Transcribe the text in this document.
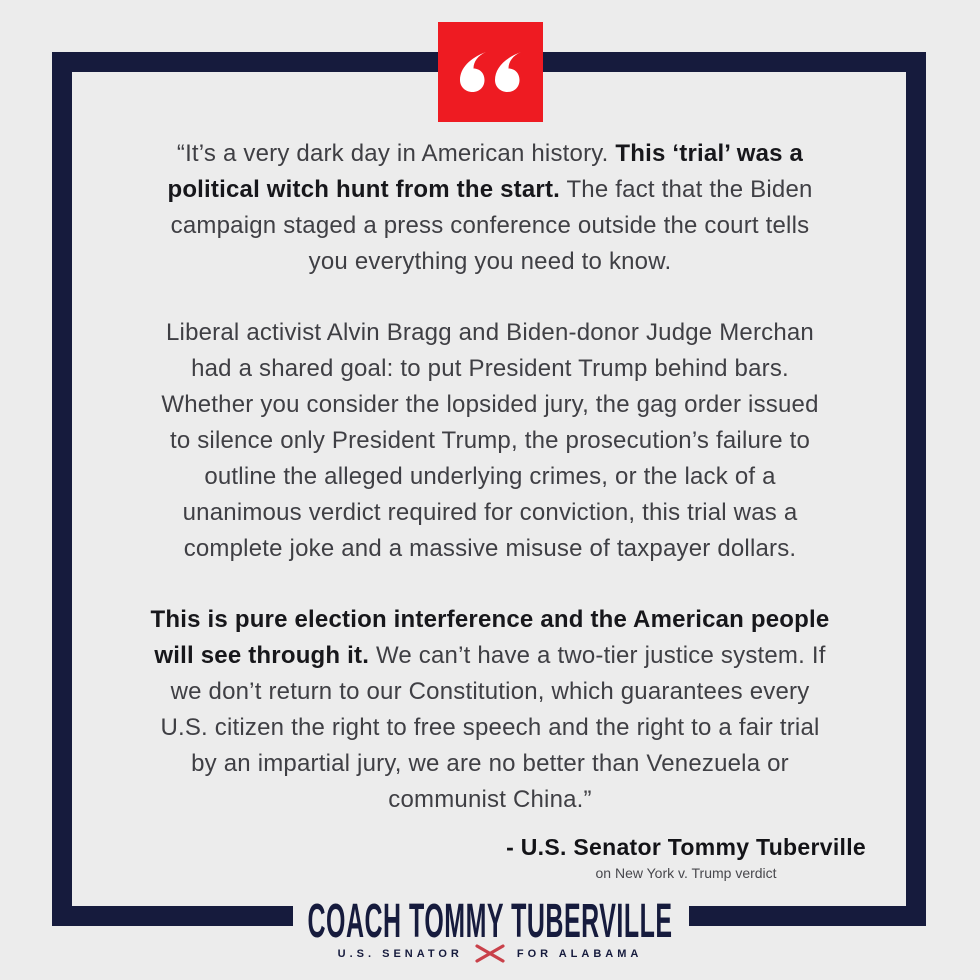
“It’s a very dark day in American history. This ‘trial’ was a
political witch hunt from the start. The fact that the Biden
campaign staged a press conference outside the court tells
you everything you need to know.

Liberal activist Alvin Bragg and Biden-donor Judge Merchan
had a shared goal: to put President Trump behind bars.
Whether you consider the lopsided jury, the gag order issued
to silence only President Trump, the prosecution’s failure to
outline the alleged underlying crimes, or the lack of a
unanimous verdict required for conviction, this trial was a
complete joke and a massive misuse of taxpayer dollars.

This is pure election interference and the American people
will see through it. We can’t have a two-tier justice system. If
we don’t return to our Constitution, which guarantees every
U.S. citizen the right to free speech and the right to a fair trial
by an impartial jury, we are no better than Venezuela or
communist China.”

- U.S. Senator Tommy Tuberville
on New York v. Trump verdict
COACH TOMMY TUBERVILLE
U.S. SENATOR	FOR ALABAMA
